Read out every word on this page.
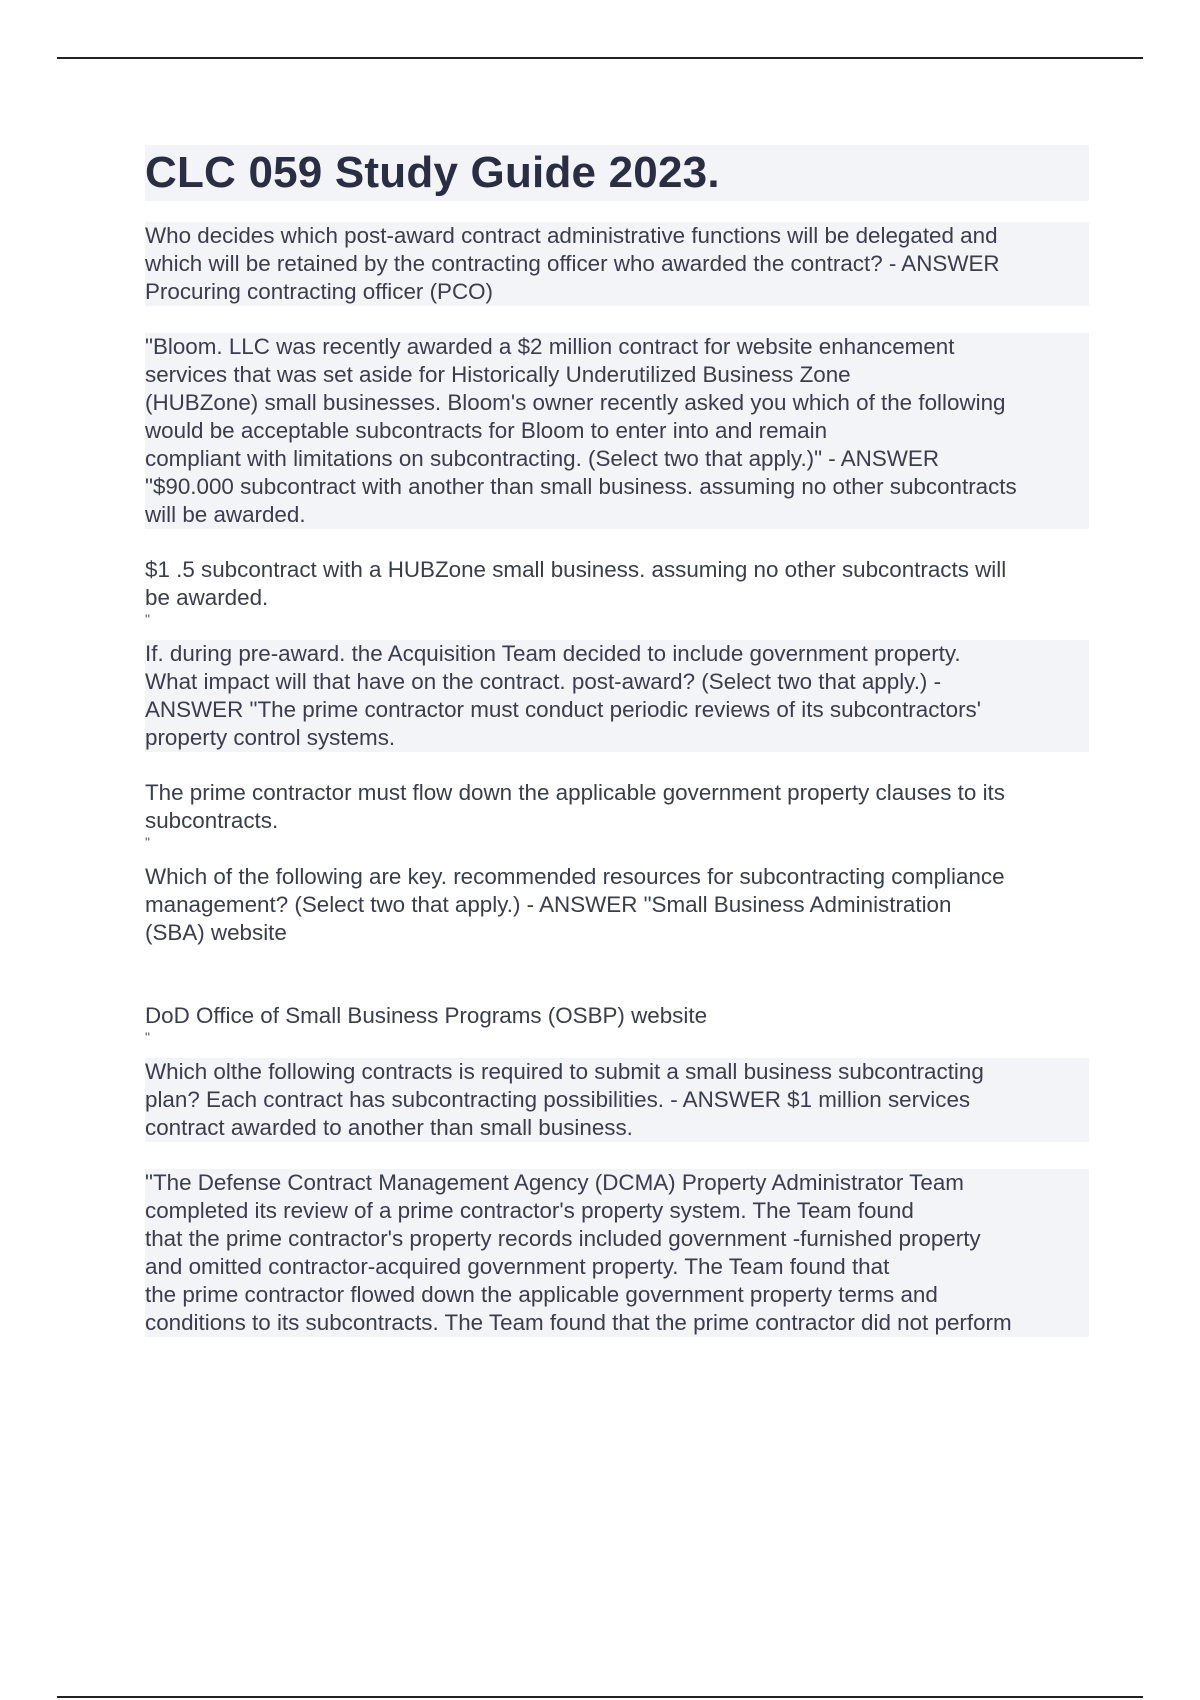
CLC 059 Study Guide 2023.

Who decides which post-award contract administrative functions will be delegated and
which will be retained by the contracting officer who awarded the contract? - ANSWER
Procuring contracting officer (PCO)

"Bloom. LLC was recently awarded a $2 million contract for website enhancement
services that was set aside for Historically Underutilized Business Zone
(HUBZone) small businesses. Bloom's owner recently asked you which of the following
would be acceptable subcontracts for Bloom to enter into and remain
compliant with limitations on subcontracting. (Select two that apply.)" - ANSWER
"$90.000 subcontract with another than small business. assuming no other subcontracts
will be awarded.

$1 .5 subcontract with a HUBZone small business. assuming no other subcontracts will
be awarded.

"

If. during pre-award. the Acquisition Team decided to include government property.
What impact will that have on the contract. post-award? (Select two that apply.) -
ANSWER "The prime contractor must conduct periodic reviews of its subcontractors'
property control systems.

The prime contractor must flow down the applicable government property clauses to its
subcontracts.

"

Which of the following are key. recommended resources for subcontracting compliance
management? (Select two that apply.) - ANSWER "Small Business Administration
(SBA) website

DoD Office of Small Business Programs (OSBP) website

"

Which olthe following contracts is required to submit a small business subcontracting
plan? Each contract has subcontracting possibilities. - ANSWER $1 million services
contract awarded to another than small business.

"The Defense Contract Management Agency (DCMA) Property Administrator Team
completed its review of a prime contractor's property system. The Team found
that the prime contractor's property records included government -furnished property
and omitted contractor-acquired government property. The Team found that
the prime contractor flowed down the applicable government property terms and
conditions to its subcontracts. The Team found that the prime contractor did not perform
